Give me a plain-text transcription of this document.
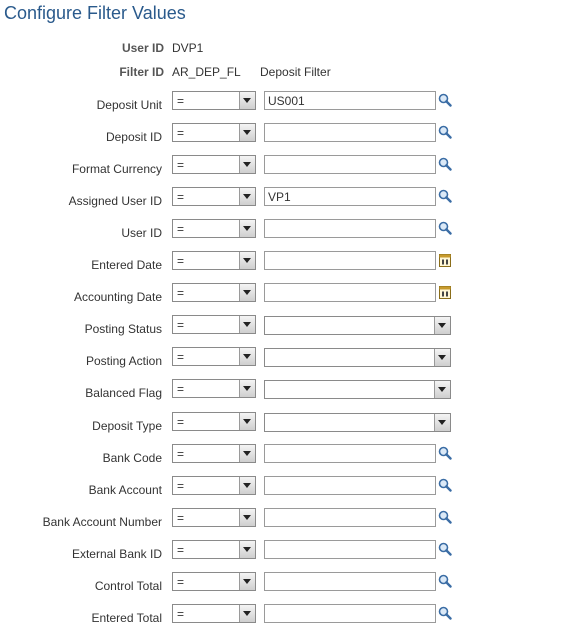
Configure Filter Values
User ID DVP1
Filter ID AR_DEP_FL Deposit Filter
Deposit Unit =
US001
Deposit ID =
Format Currency =
Assigned User ID =
VP1
User ID =
Entered Date =
Accounting Date =
Posting Status =
Posting Action =
Balanced Flag =
Deposit Type =
Bank Code =
Bank Account =
Bank Account Number =
External Bank ID =
Control Total =
Entered Total =
